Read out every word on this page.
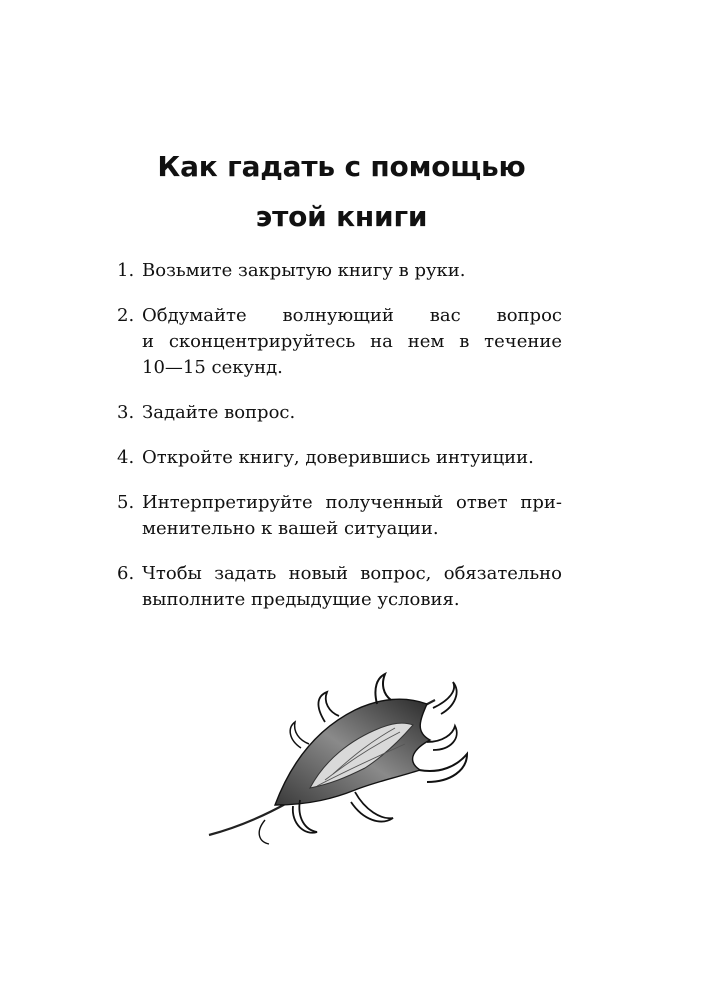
Как гадать с помощью
этой книги
1. Возьмите закрытую книгу в руки.
2. Обдумайте волнующий вас вопрос
и сконцентрируйтесь на нем в течение
10—15 секунд.
3. Задайте вопрос.
4. Откройте книгу, доверившись интуиции.
5. Интерпретируйте полученный ответ при-
менительно к вашей ситуации.
6. Чтобы задать новый вопрос, обязательно
выполните предыдущие условия.
